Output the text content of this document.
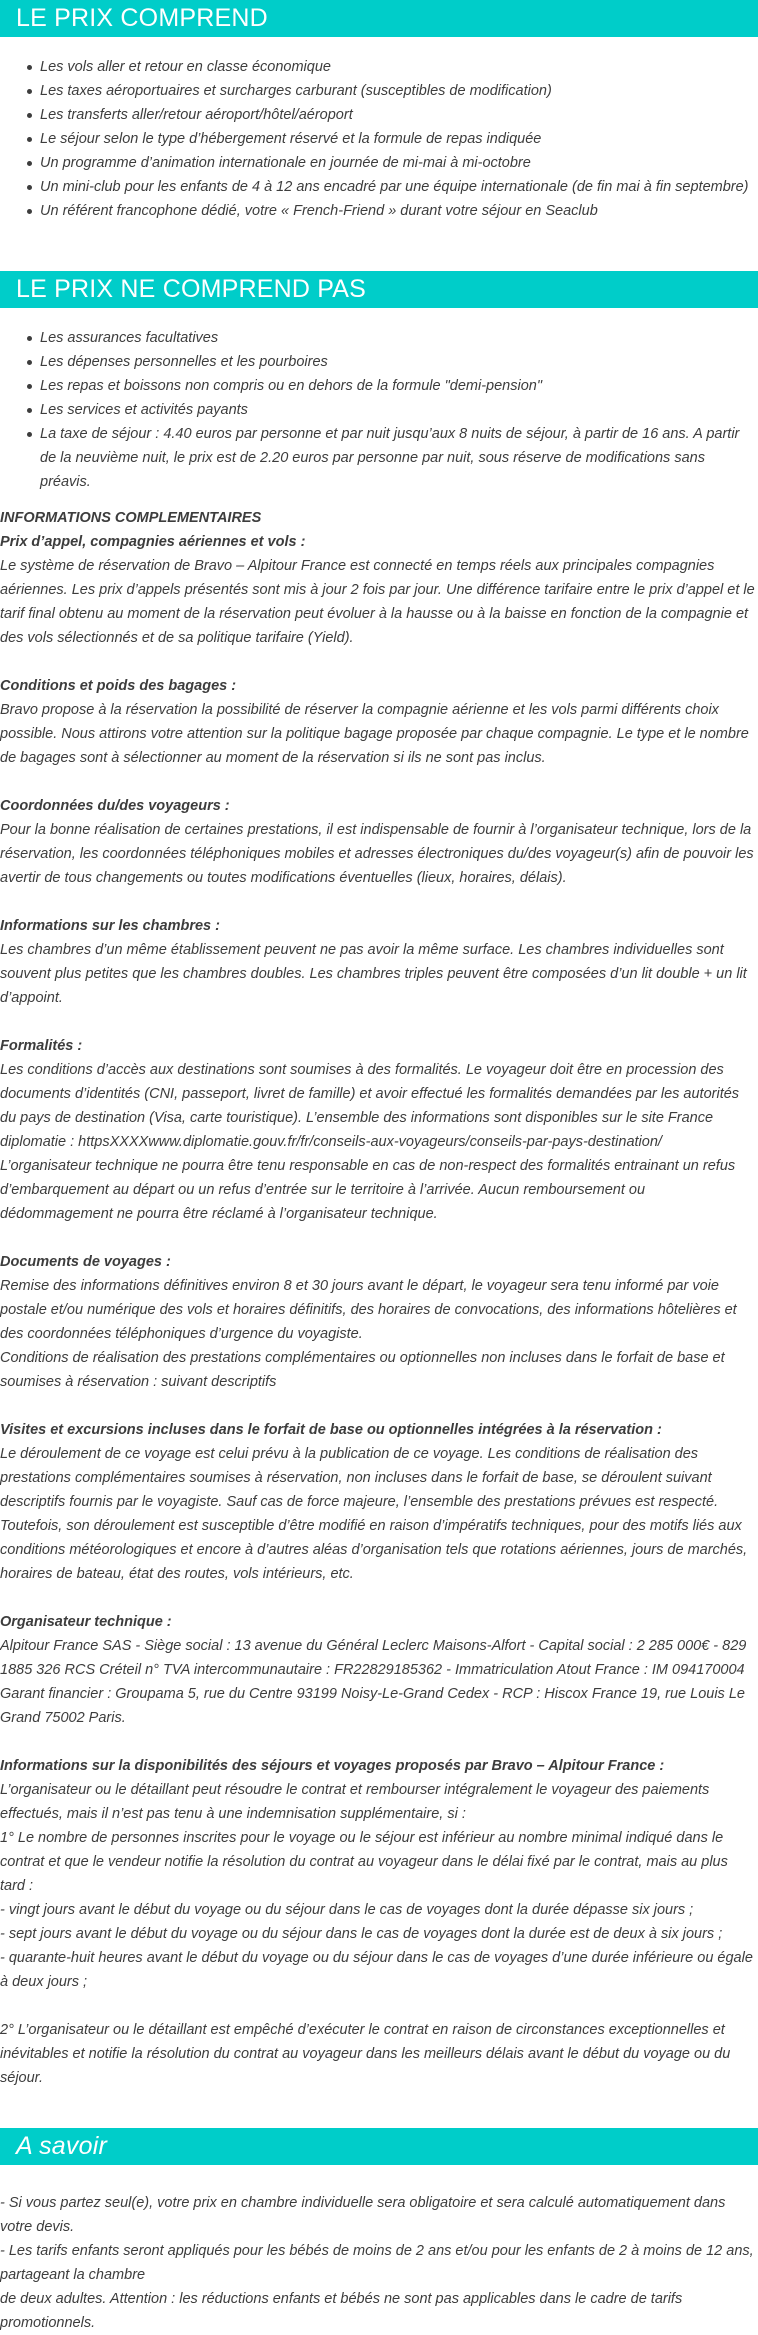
LE PRIX COMPREND
Les vols aller et retour en classe économique
Les taxes aéroportuaires et surcharges carburant (susceptibles de modification)
Les transferts aller/retour aéroport/hôtel/aéroport
Le séjour selon le type d’hébergement réservé et la formule de repas indiquée
Un programme d’animation internationale en journée de mi-mai à mi-octobre
Un mini-club pour les enfants de 4 à 12 ans encadré par une équipe internationale (de fin mai à fin septembre)
Un référent francophone dédié, votre « French-Friend » durant votre séjour en Seaclub
LE PRIX NE COMPREND PAS
Les assurances facultatives
Les dépenses personnelles et les pourboires
Les repas et boissons non compris ou en dehors de la formule "demi-pension"
Les services et activités payants
La taxe de séjour : 4.40 euros par personne et par nuit jusqu’aux 8 nuits de séjour, à partir de 16 ans. A partir de la neuvième nuit, le prix est de 2.20 euros par personne par nuit, sous réserve de modifications sans préavis.
INFORMATIONS COMPLEMENTAIRES
Prix d’appel, compagnies aériennes et vols :

Le système de réservation de Bravo – Alpitour France est connecté en temps réels aux principales compagnies aériennes. Les prix d’appels présentés sont mis à jour 2 fois par jour. Une différence tarifaire entre le prix d’appel et le tarif final obtenu au moment de la réservation peut évoluer à la hausse ou à la baisse en fonction de la compagnie et des vols sélectionnés et de sa politique tarifaire (Yield).

Conditions et poids des bagages :

Bravo propose à la réservation la possibilité de réserver la compagnie aérienne et les vols parmi différents choix possible. Nous attirons votre attention sur la politique bagage proposée par chaque compagnie. Le type et le nombre de bagages sont à sélectionner au moment de la réservation si ils ne sont pas inclus.

Coordonnées du/des voyageurs :

Pour la bonne réalisation de certaines prestations, il est indispensable de fournir à l’organisateur technique, lors de la réservation, les coordonnées téléphoniques mobiles et adresses électroniques du/des voyageur(s) afin de pouvoir les avertir de tous changements ou toutes modifications éventuelles (lieux, horaires, délais).

Informations sur les chambres :

Les chambres d’un même établissement peuvent ne pas avoir la même surface. Les chambres individuelles sont souvent plus petites que les chambres doubles. Les chambres triples peuvent être composées d’un lit double + un lit d’appoint.

Formalités :

Les conditions d’accès aux destinations sont soumises à des formalités. Le voyageur doit être en procession des documents d’identités (CNI, passeport, livret de famille) et avoir effectué les formalités demandées par les autorités du pays de destination (Visa, carte touristique). L’ensemble des informations sont disponibles sur le site France diplomatie : httpsXXXXwww.diplomatie.gouv.fr/fr/conseils-aux-voyageurs/conseils-par-pays-destination/

L’organisateur technique ne pourra être tenu responsable en cas de non-respect des formalités entrainant un refus d’embarquement au départ ou un refus d’entrée sur le territoire à l’arrivée. Aucun remboursement ou dédommagement ne pourra être réclamé à l’organisateur technique.

Documents de voyages :

Remise des informations définitives environ 8 et 30 jours avant le départ, le voyageur sera tenu informé par voie postale et/ou numérique des vols et horaires définitifs, des horaires de convocations, des informations hôtelières et des coordonnées téléphoniques d’urgence du voyagiste.

Conditions de réalisation des prestations complémentaires ou optionnelles non incluses dans le forfait de base et soumises à réservation : suivant descriptifs

Visites et excursions incluses dans le forfait de base ou optionnelles intégrées à la réservation :

Le déroulement de ce voyage est celui prévu à la publication de ce voyage. Les conditions de réalisation des prestations complémentaires soumises à réservation, non incluses dans le forfait de base, se déroulent suivant descriptifs fournis par le voyagiste. Sauf cas de force majeure, l’ensemble des prestations prévues est respecté. Toutefois, son déroulement est susceptible d’être modifié en raison d’impératifs techniques, pour des motifs liés aux conditions météorologiques et encore à d’autres aléas d’organisation tels que rotations aériennes, jours de marchés, horaires de bateau, état des routes, vols intérieurs, etc.

Organisateur technique :

Alpitour France SAS - Siège social : 13 avenue du Général Leclerc Maisons-Alfort - Capital social : 2 285 000€ - 829 1885 326 RCS Créteil n° TVA intercommunautaire : FR22829185362 - Immatriculation Atout France : IM 094170004 Garant financier : Groupama 5, rue du Centre 93199 Noisy-Le-Grand Cedex - RCP : Hiscox France 19, rue Louis Le Grand 75002 Paris.

Informations sur la disponibilités des séjours et voyages proposés par Bravo – Alpitour France :

L’organisateur ou le détaillant peut résoudre le contrat et rembourser intégralement le voyageur des paiements effectués, mais il n’est pas tenu à une indemnisation supplémentaire, si :

1° Le nombre de personnes inscrites pour le voyage ou le séjour est inférieur au nombre minimal indiqué dans le contrat et que le vendeur notifie la résolution du contrat au voyageur dans le délai fixé par le contrat, mais au plus tard :

- vingt jours avant le début du voyage ou du séjour dans le cas de voyages dont la durée dépasse six jours ;

- sept jours avant le début du voyage ou du séjour dans le cas de voyages dont la durée est de deux à six jours ;

- quarante-huit heures avant le début du voyage ou du séjour dans le cas de voyages d’une durée inférieure ou égale à deux jours ;

2° L’organisateur ou le détaillant est empêché d’exécuter le contrat en raison de circonstances exceptionnelles et inévitables et notifie la résolution du contrat au voyageur dans les meilleurs délais avant le début du voyage ou du séjour.

A savoir

- Si vous partez seul(e), votre prix en chambre individuelle sera obligatoire et sera calculé automatiquement dans votre devis.

- Les tarifs enfants seront appliqués pour les bébés de moins de 2 ans et/ou pour les enfants de 2 à moins de 12 ans, partageant la chambre

de deux adultes. Attention : les réductions enfants et bébés ne sont pas applicables dans le cadre de tarifs promotionnels.
